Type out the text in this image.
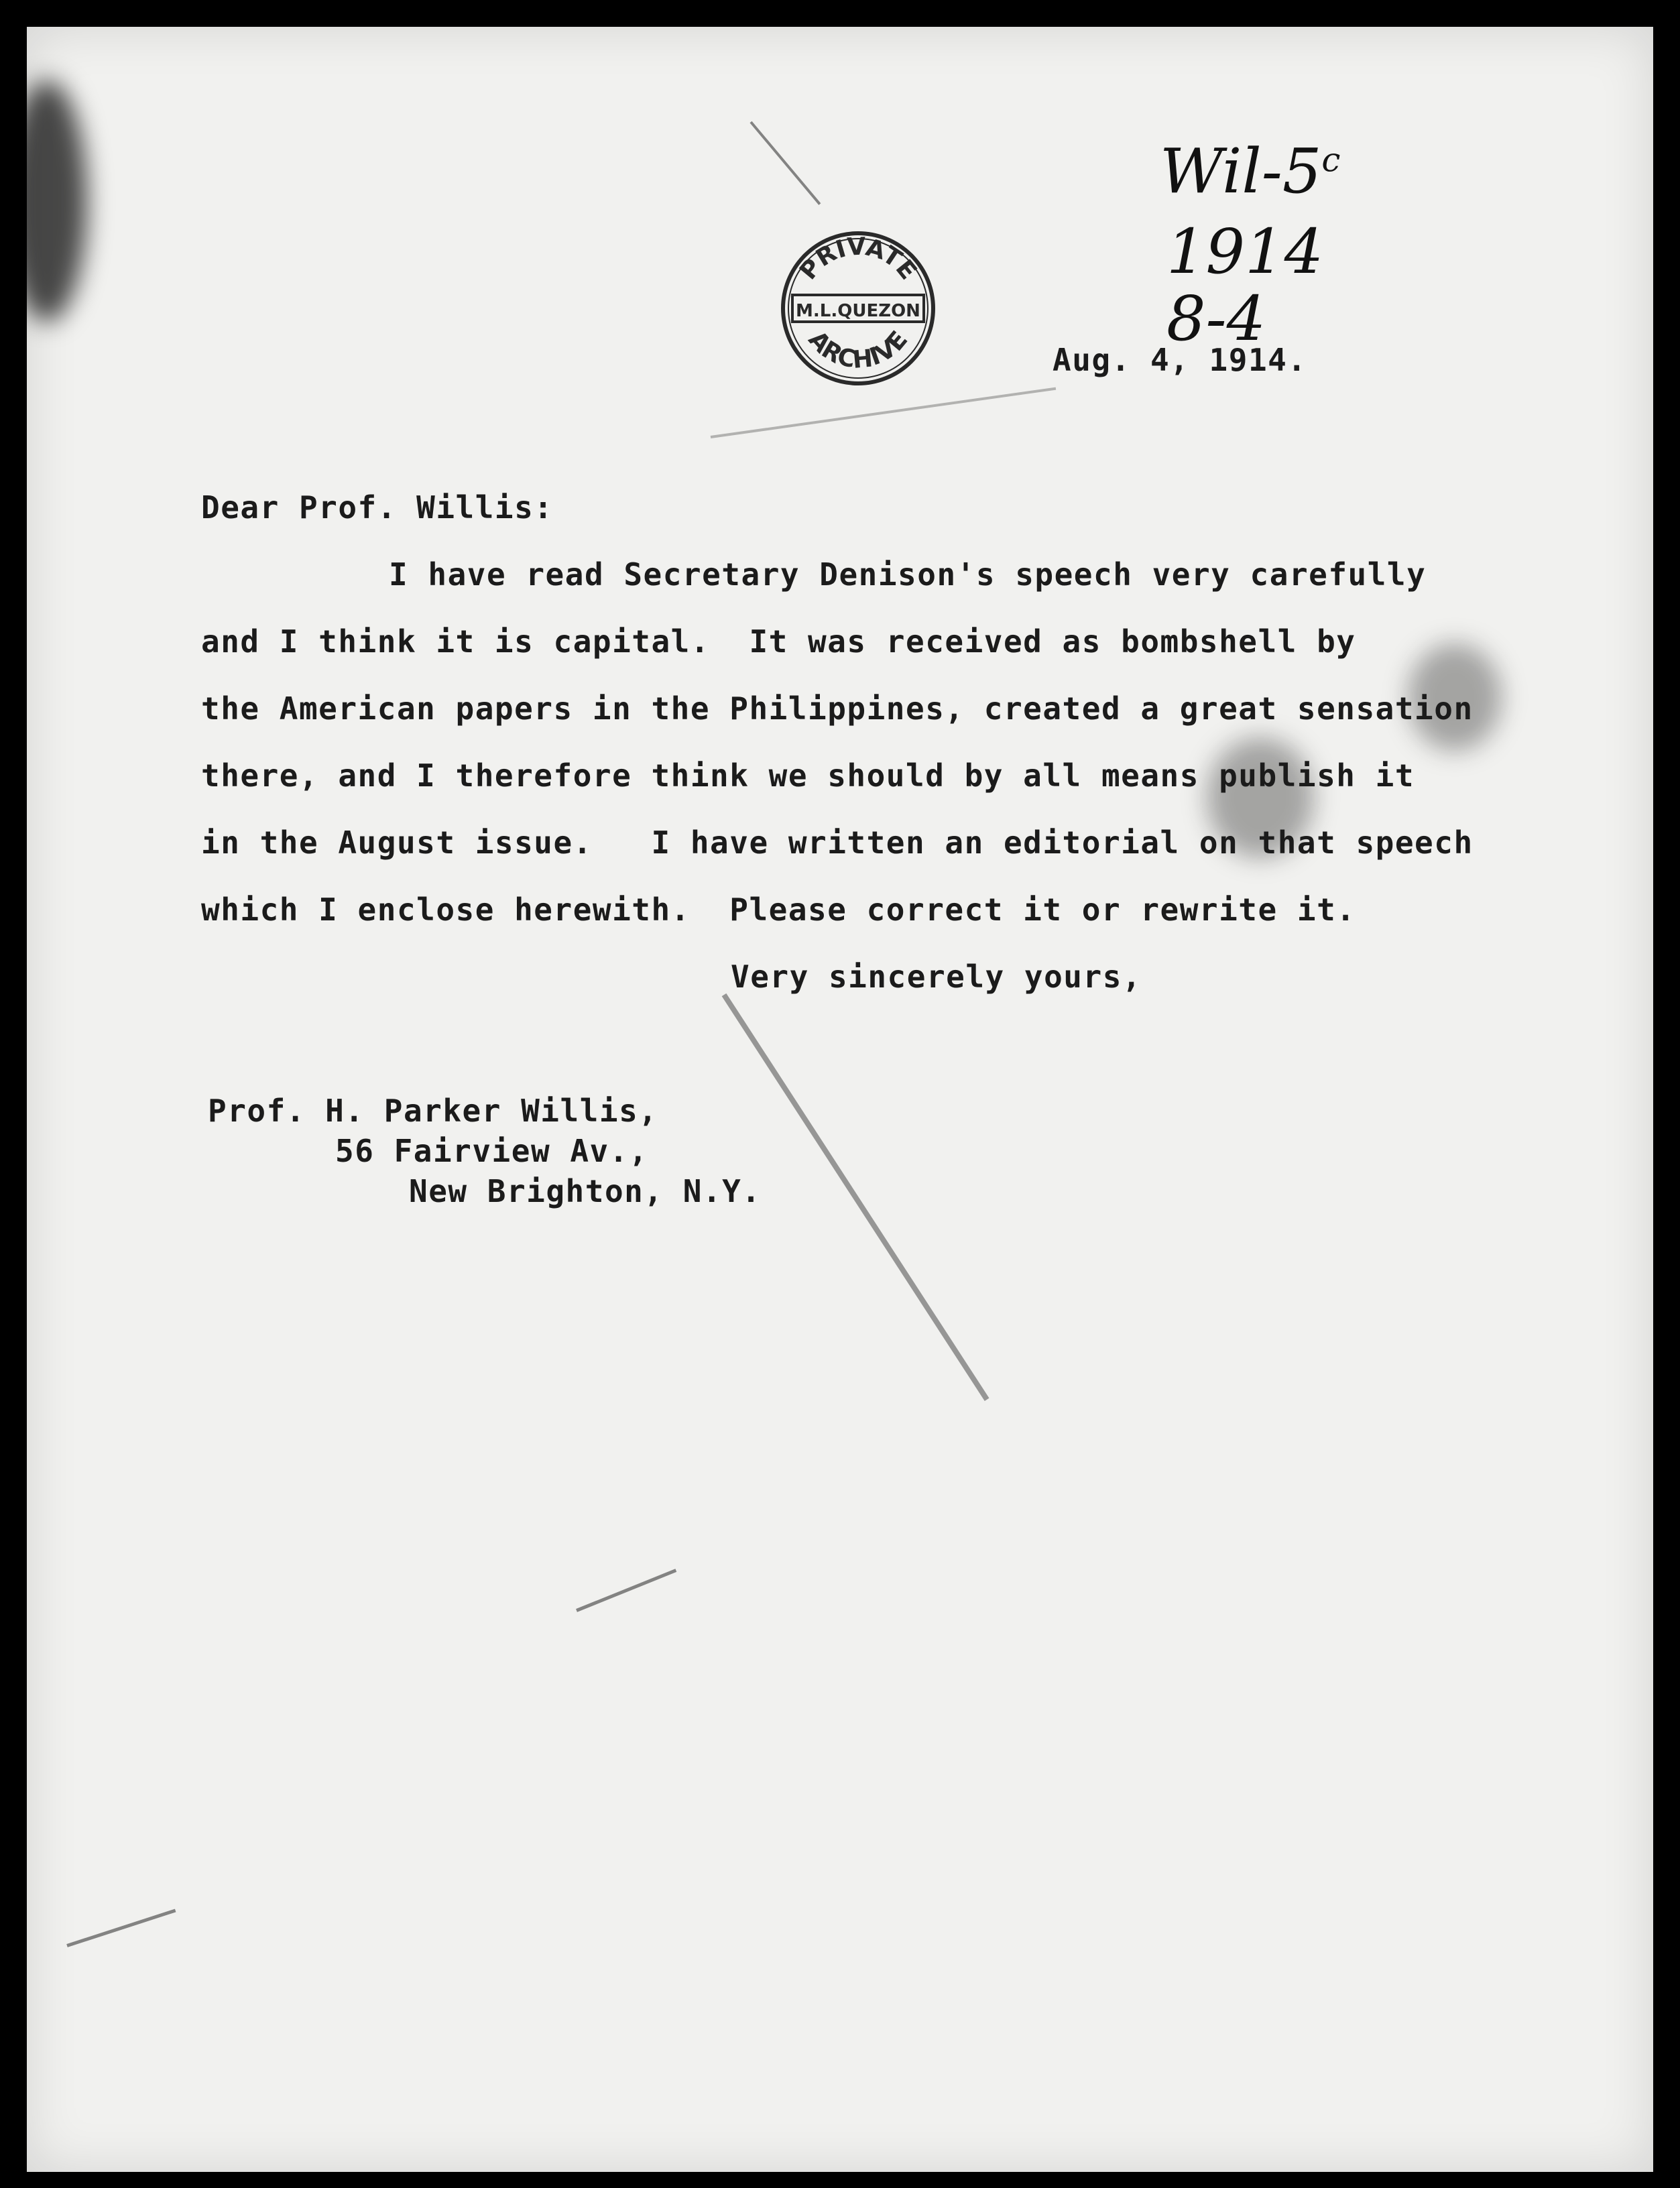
PRIVATE
M.L.QUEZON
ARCHIVE
Wil-5$^c$
1914
8-4
Aug. 4, 1914.
Dear Prof. Willis:
I have read Secretary Denison's speech very carefully
and I think it is capital.  It was received as bombshell by
the American papers in the Philippines, created a great sensation
there, and I therefore think we should by all means publish it
in the August issue.   I have written an editorial on that speech
which I enclose herewith.  Please correct it or rewrite it.
Very sincerely yours,
Prof. H. Parker Willis,
56 Fairview Av.,
New Brighton, N.Y.
